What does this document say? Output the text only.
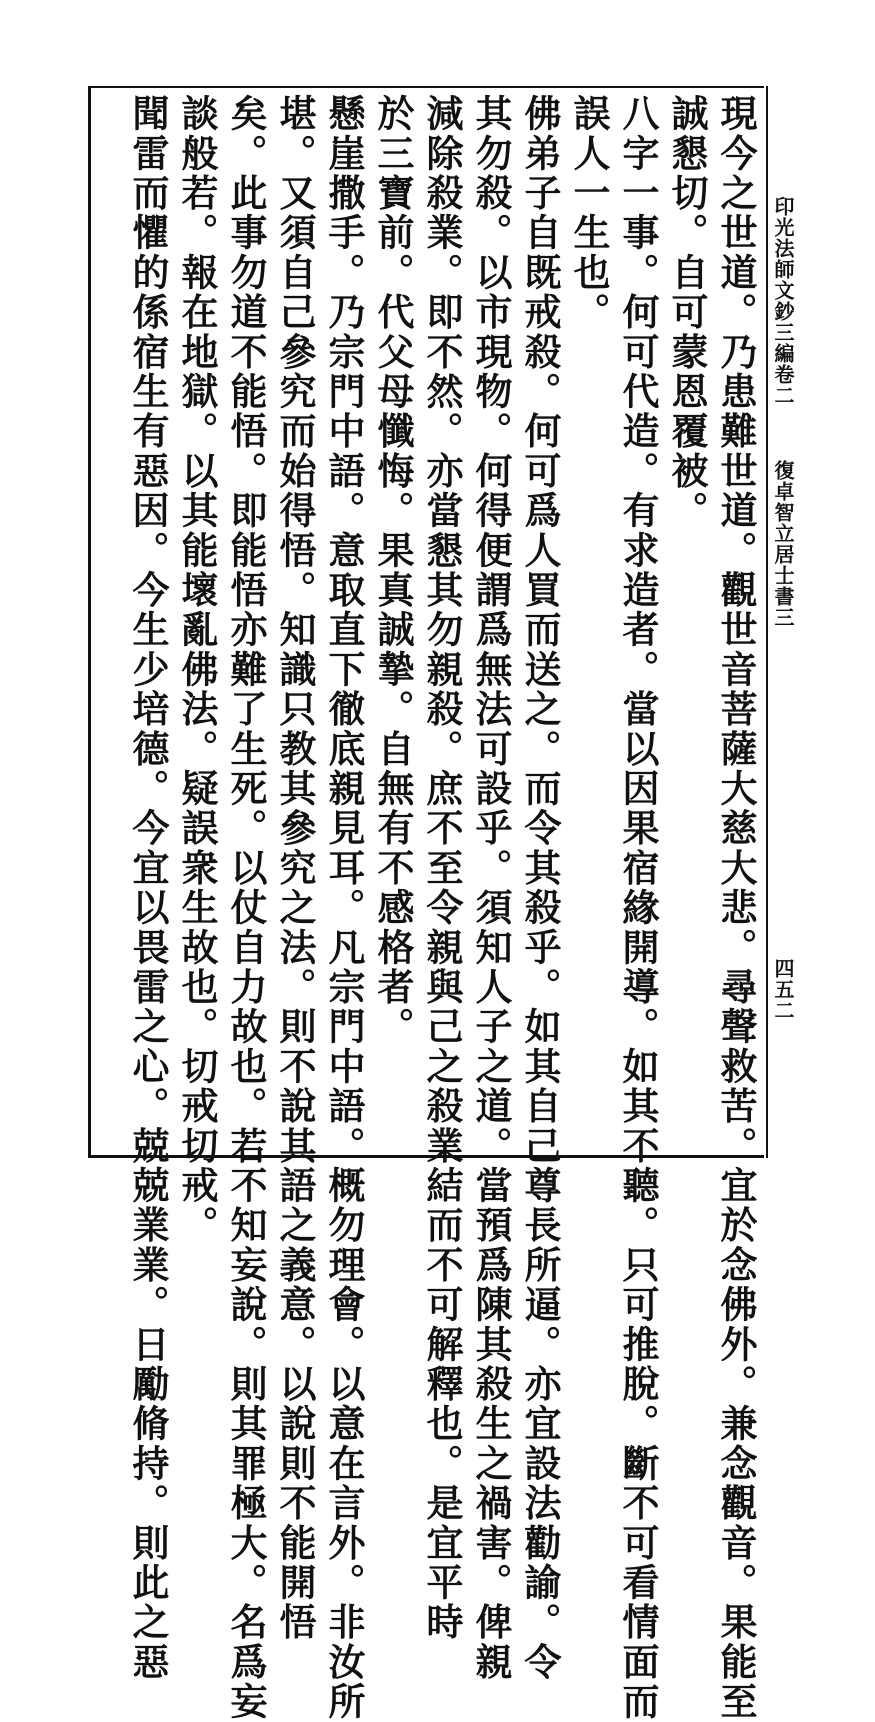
印光法師文鈔三編卷二
復卓智立居士書三
四五二
現今之世道。乃患難世道。觀世音菩薩大慈大悲。尋聲救苦。宜於念佛外。兼念觀音。果能至
誠懇切。自可蒙恩覆被。
八字一事。何可代造。有求造者。當以因果宿緣開導。如其不聽。只可推脫。斷不可看情面而
誤人一生也。
佛弟子自既戒殺。何可爲人買而送之。而令其殺乎。如其自己尊長所逼。亦宜設法勸諭。令
其勿殺。以市現物。何得便謂爲無法可設乎。須知人子之道。當預爲陳其殺生之禍害。俾親
減除殺業。即不然。亦當懇其勿親殺。庶不至令親與己之殺業結而不可解釋也。是宜平時
於三寶前。代父母懺悔。果真誠摯。自無有不感格者。
懸崖撒手。乃宗門中語。意取直下徹底親見耳。凡宗門中語。概勿理會。以意在言外。非汝所
堪。又須自己參究而始得悟。知識只教其參究之法。則不說其語之義意。以說則不能開悟
矣。此事勿道不能悟。即能悟亦難了生死。以仗自力故也。若不知妄說。則其罪極大。名爲妄
談般若。報在地獄。以其能壞亂佛法。疑誤衆生故也。切戒切戒。
聞雷而懼的係宿生有惡因。今生少培德。今宜以畏雷之心。兢兢業業。日勵脩持。則此之惡
